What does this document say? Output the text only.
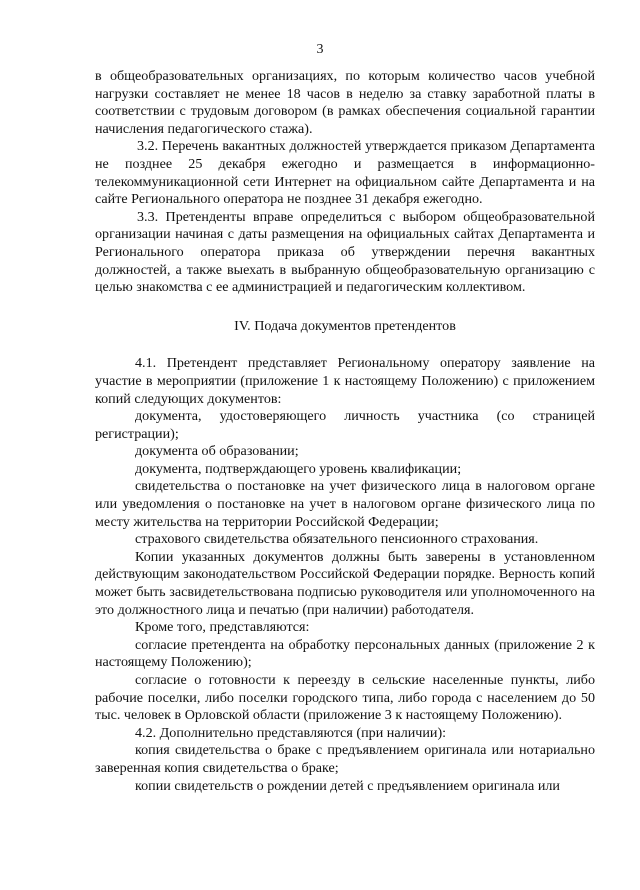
3

в общеобразовательных организациях, по которым количество часов учебной нагрузки составляет не менее 18 часов в неделю за ставку заработной платы в соответствии с трудовым договором (в рамках обеспечения социальной гарантии начисления педагогического стажа).

3.2. Перечень вакантных должностей утверждается приказом Департамента не позднее 25 декабря ежегодно и размещается в информационно-телекоммуникационной сети Интернет на официальном сайте Департамента и на сайте Регионального оператора не позднее 31 декабря ежегодно.

3.3. Претенденты вправе определиться с выбором общеобразовательной организации начиная с даты размещения на официальных сайтах Департамента и Регионального оператора приказа об утверждении перечня вакантных должностей, а также выехать в выбранную общеобразовательную организацию с целью знакомства с ее администрацией и педагогическим коллективом.

IV. Подача документов претендентов

4.1. Претендент представляет Региональному оператору заявление на участие в мероприятии (приложение 1 к настоящему Положению) с приложением копий следующих документов:

документа, удостоверяющего личность участника (со страницей регистрации);

документа об образовании;

документа, подтверждающего уровень квалификации;

свидетельства о постановке на учет физического лица в налоговом органе или уведомления о постановке на учет в налоговом органе физического лица по месту жительства на территории Российской Федерации;

страхового свидетельства обязательного пенсионного страхования.

Копии указанных документов должны быть заверены в установленном действующим законодательством Российской Федерации порядке. Верность копий может быть засвидетельствована подписью руководителя или уполномоченного на это должностного лица и печатью (при наличии) работодателя.

Кроме того, представляются:

согласие претендента на обработку персональных данных (приложение 2 к настоящему Положению);

согласие о готовности к переезду в сельские населенные пункты, либо рабочие поселки, либо поселки городского типа, либо города с населением до 50 тыс. человек в Орловской области (приложение 3 к настоящему Положению).

4.2. Дополнительно представляются (при наличии):

копия свидетельства о браке с предъявлением оригинала или нотариально заверенная копия свидетельства о браке;

копии свидетельств о рождении детей с предъявлением оригинала или
